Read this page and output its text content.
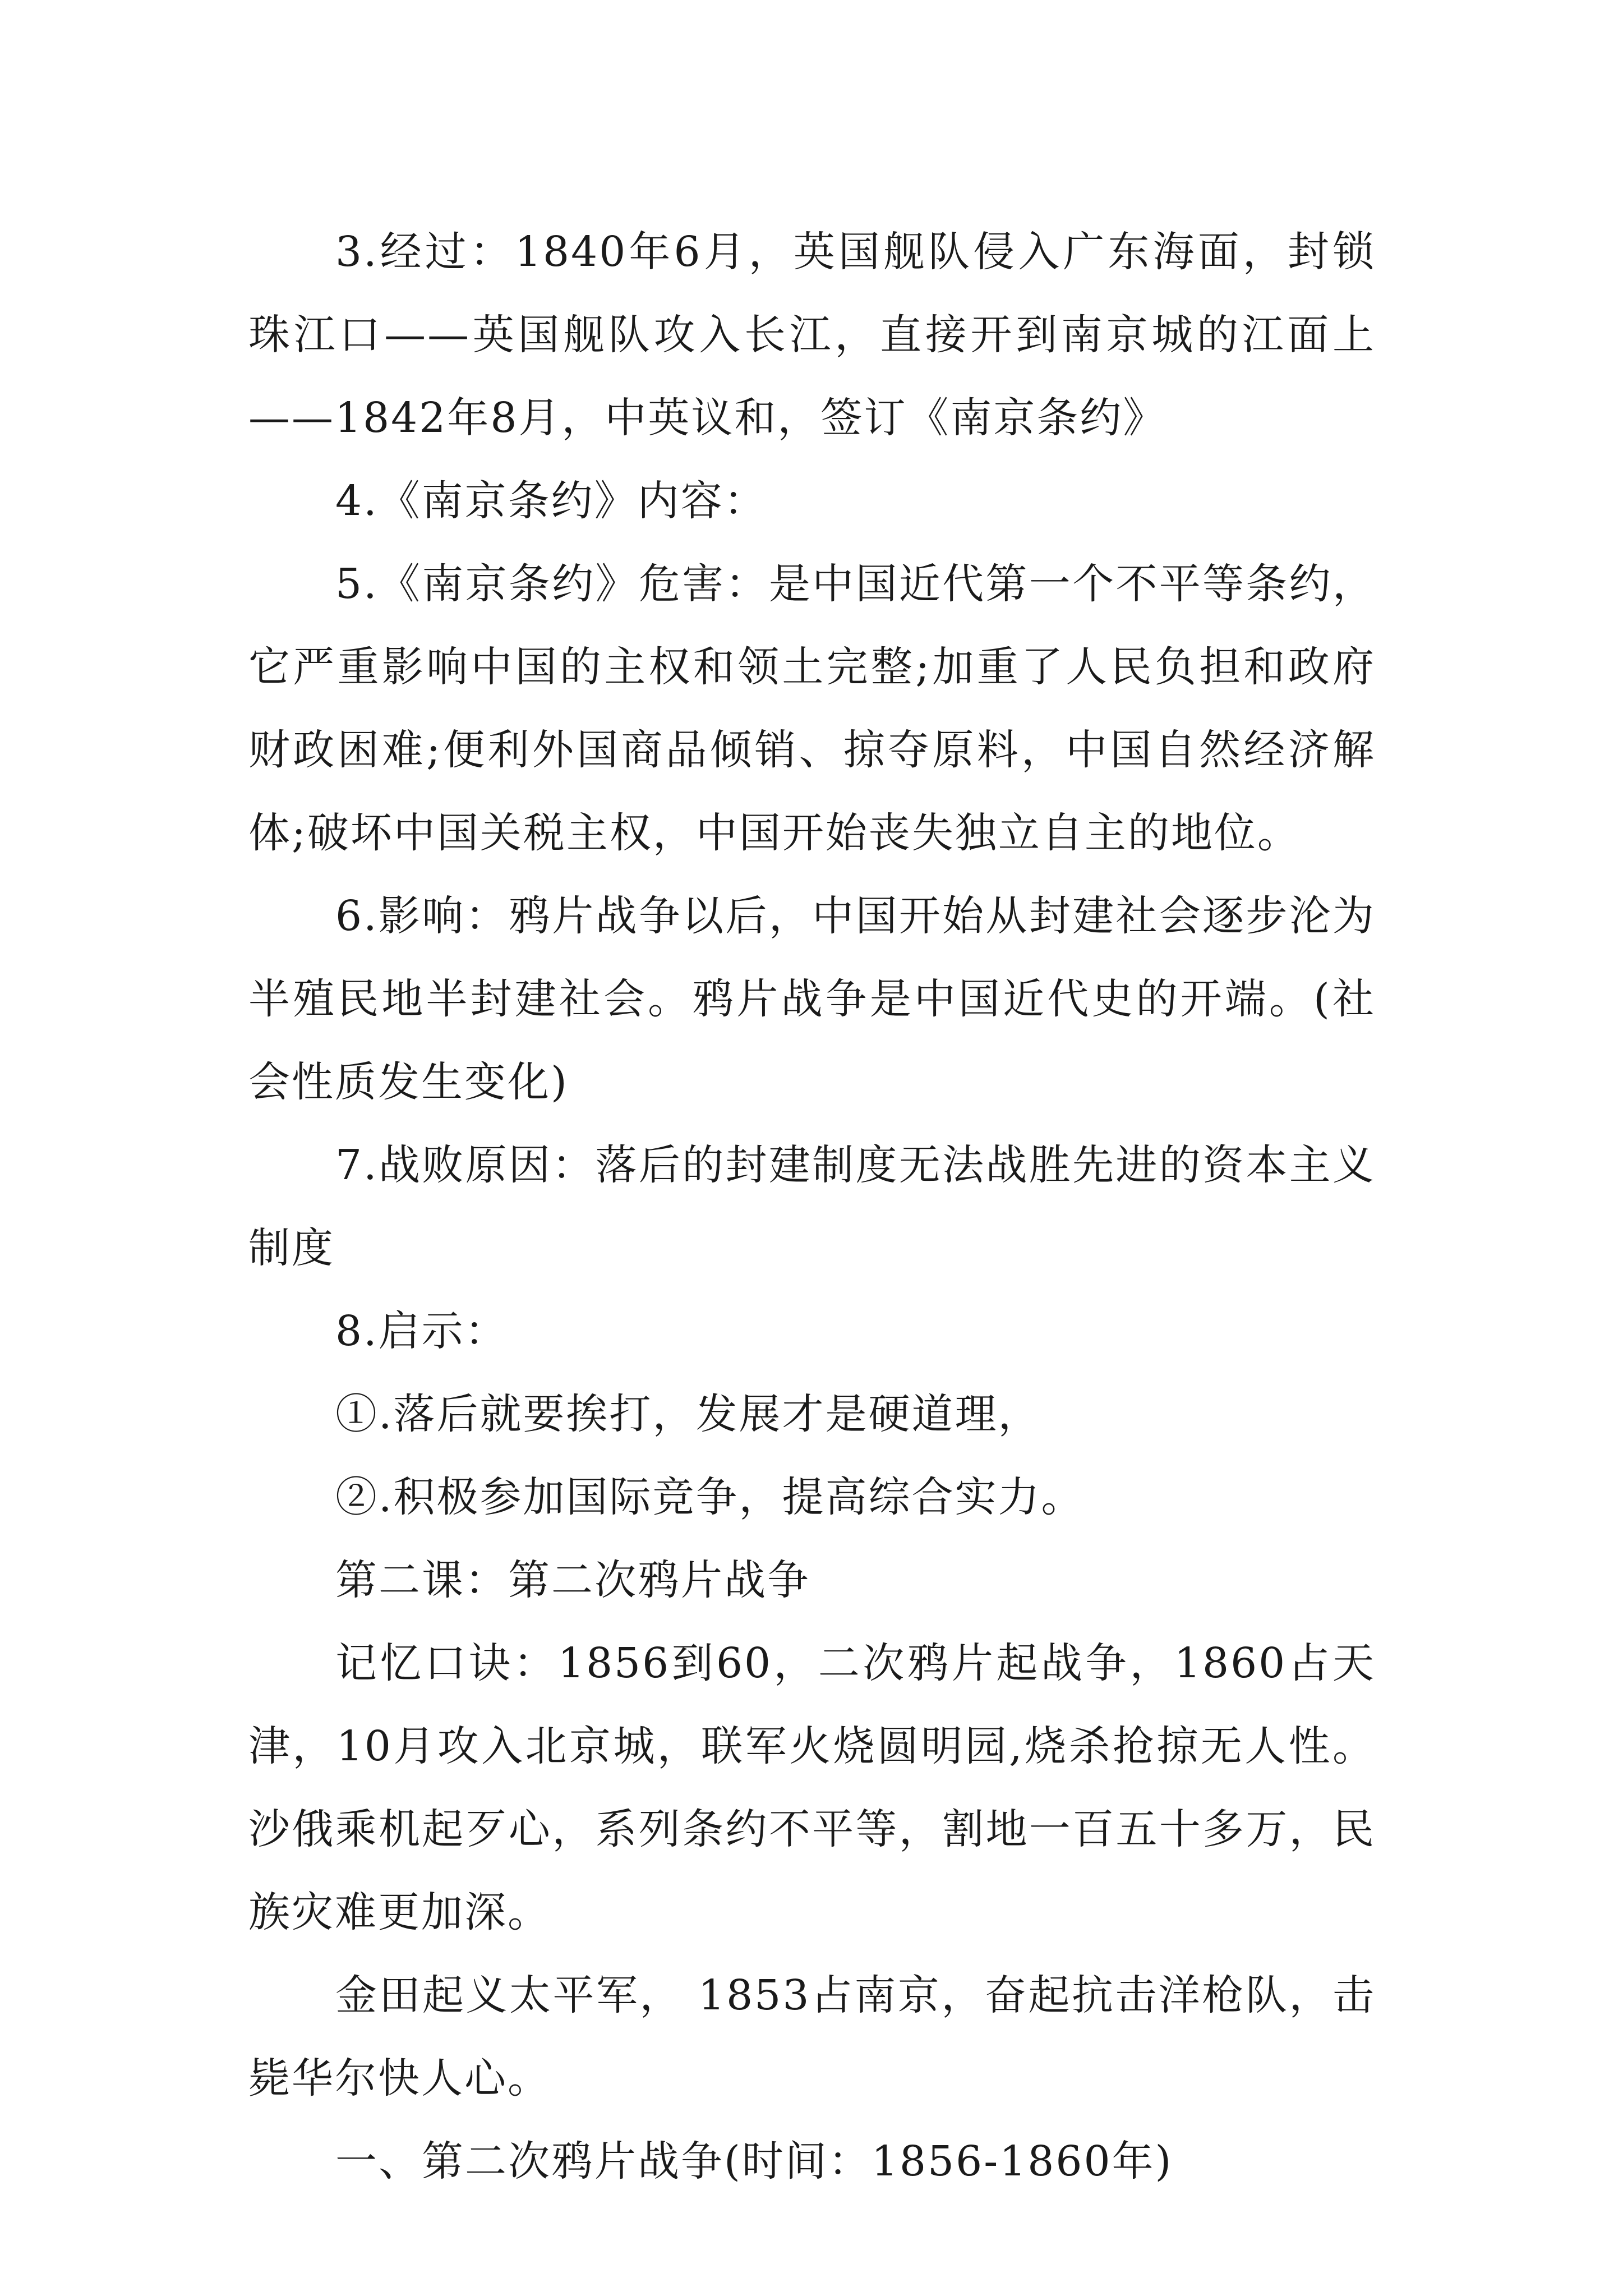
3.经过：1840年6月，英国舰队侵入广东海面，封锁珠江口——英国舰队攻入长江，直接开到南京城的江面上——1842年8月，中英议和，签订《南京条约》

4.《南京条约》内容：

5.《南京条约》危害：是中国近代第一个不平等条约，它严重影响中国的主权和领土完整;加重了人民负担和政府财政困难;便利外国商品倾销、掠夺原料，中国自然经济解体;破坏中国关税主权，中国开始丧失独立自主的地位。

6.影响：鸦片战争以后，中国开始从封建社会逐步沦为半殖民地半封建社会。鸦片战争是中国近代史的开端。(社会性质发生变化)

7.战败原因：落后的封建制度无法战胜先进的资本主义制度

8.启示：

①.落后就要挨打，发展才是硬道理，

②.积极参加国际竞争，提高综合实力。

第二课：第二次鸦片战争

记忆口诀：1856到60，二次鸦片起战争，1860占天津，10月攻入北京城，联军火烧圆明园,烧杀抢掠无人性。沙俄乘机起歹心，系列条约不平等，割地一百五十多万，民族灾难更加深。

金田起义太平军， 1853占南京，奋起抗击洋枪队，击毙华尔快人心。

一、第二次鸦片战争(时间：1856-1860年)
